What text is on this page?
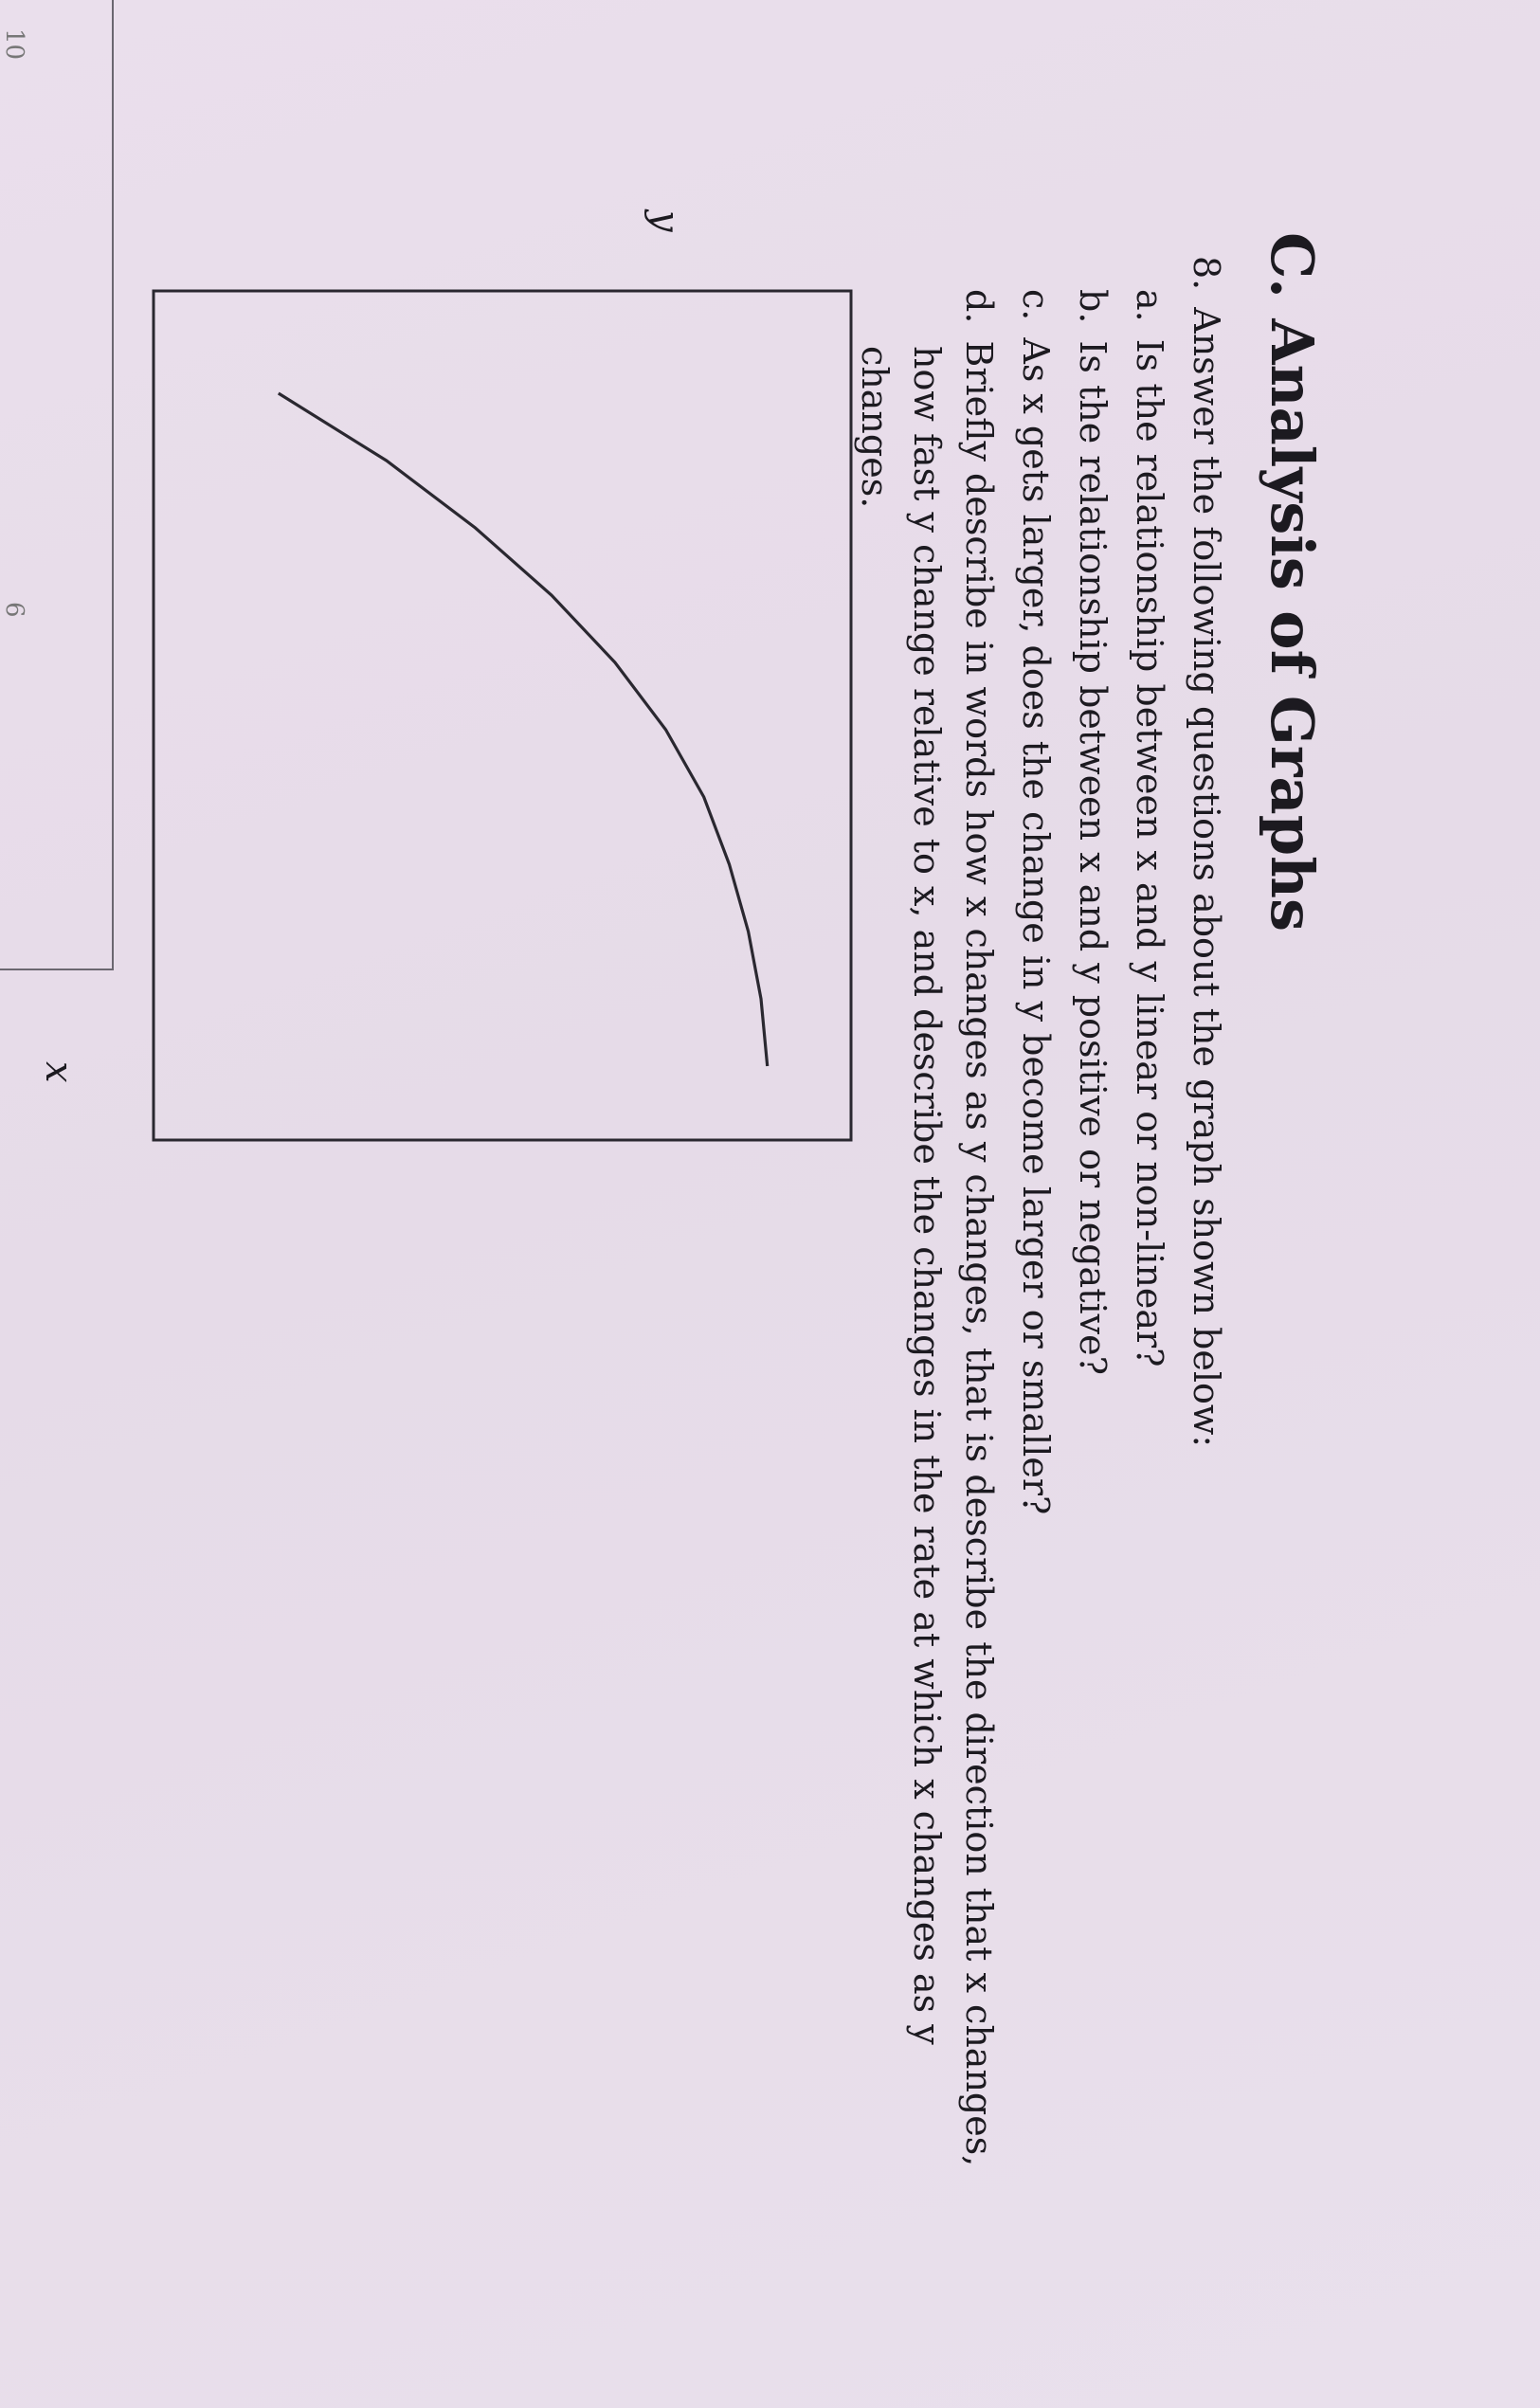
C. Analysis of Graphs
8.Answer the following questions about the graph shown below:
a.Is the relationship between x and y linear or non-linear?
b.Is the relationship between x and y positive or negative?
c.As x gets larger, does the change in y become larger or smaller?
d.Briefly describe in words how x changes as y changes, that is describe the direction that x changes,
how fast y change relative to x, and describe the changes in the rate at which x changes as y
changes.
y
x
10
6
